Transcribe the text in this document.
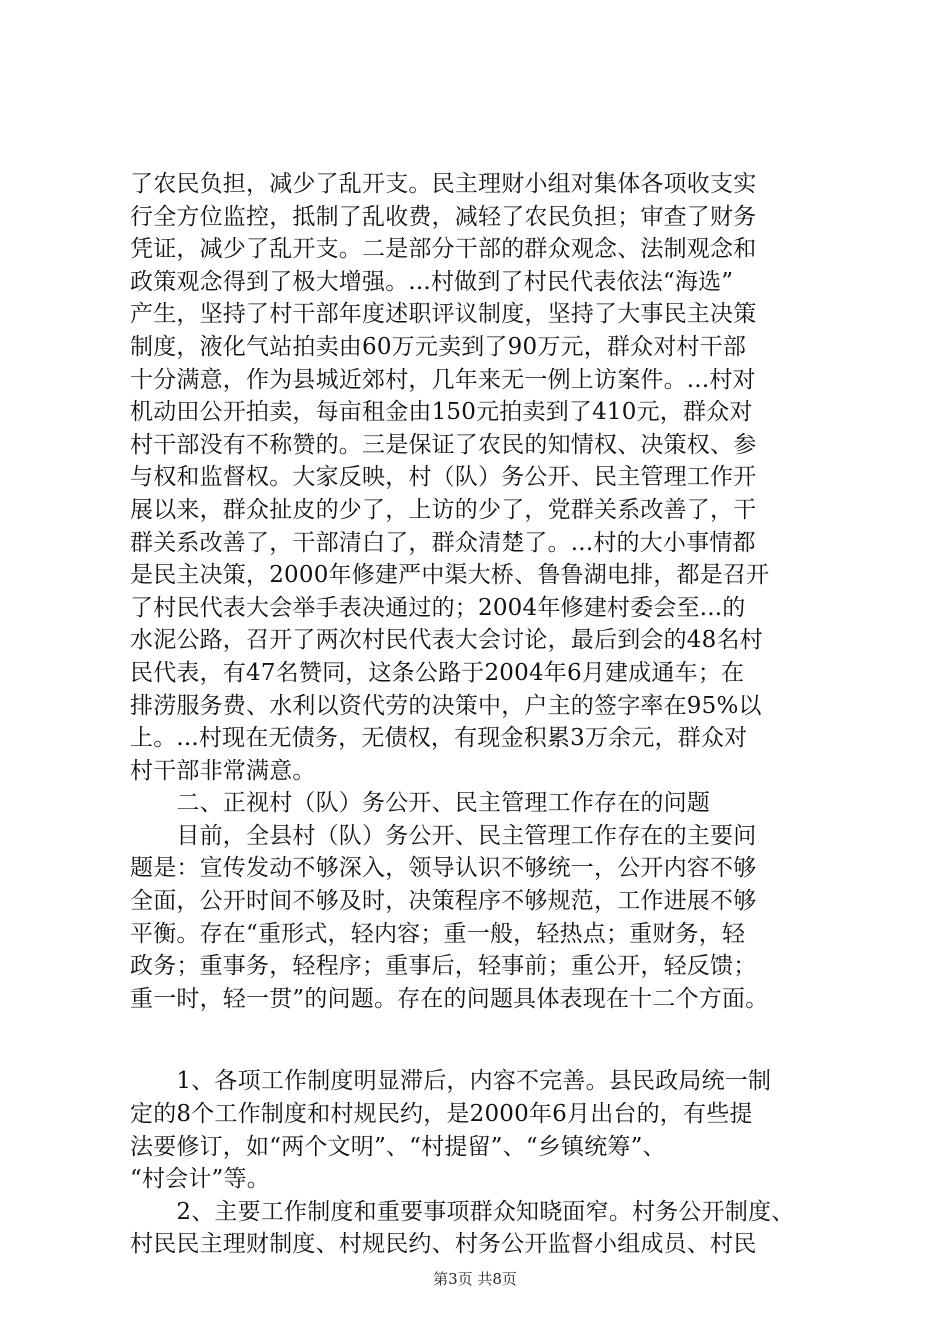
了农民负担，减少了乱开支。民主理财小组对集体各项收支实
行全方位监控，抵制了乱收费，减轻了农民负担；审查了财务
凭证，减少了乱开支。二是部分干部的群众观念、法制观念和
政策观念得到了极大增强。...村做到了村民代表依法“海选”
产生，坚持了村干部年度述职评议制度，坚持了大事民主决策
制度，液化气站拍卖由60万元卖到了90万元，群众对村干部
十分满意，作为县城近郊村，几年来无一例上访案件。...村对
机动田公开拍卖，每亩租金由150元拍卖到了410元，群众对
村干部没有不称赞的。三是保证了农民的知情权、决策权、参
与权和监督权。大家反映，村（队）务公开、民主管理工作开
展以来，群众扯皮的少了，上访的少了，党群关系改善了，干
群关系改善了，干部清白了，群众清楚了。...村的大小事情都
是民主决策，2000年修建严中渠大桥、鲁鲁湖电排，都是召开
了村民代表大会举手表决通过的；2004年修建村委会至...的
水泥公路，召开了两次村民代表大会讨论，最后到会的48名村
民代表，有47名赞同，这条公路于2004年6月建成通车；在
排涝服务费、水利以资代劳的决策中，户主的签字率在95%以
上。...村现在无债务，无债权，有现金积累3万余元，群众对
村干部非常满意。
　　二、正视村（队）务公开、民主管理工作存在的问题
　　目前，全县村（队）务公开、民主管理工作存在的主要问
题是：宣传发动不够深入，领导认识不够统一，公开内容不够
全面，公开时间不够及时，决策程序不够规范，工作进展不够
平衡。存在“重形式，轻内容；重一般，轻热点；重财务，轻
政务；重事务，轻程序；重事后，轻事前；重公开，轻反馈；
重一时，轻一贯”的问题。存在的问题具体表现在十二个方面。
　　1、各项工作制度明显滞后，内容不完善。县民政局统一制
定的8个工作制度和村规民约，是2000年6月出台的，有些提
法要修订，如“两个文明”、“村提留”、“乡镇统筹”、
“村会计”等。
　　2、主要工作制度和重要事项群众知晓面窄。村务公开制度、
村民民主理财制度、村规民约、村务公开监督小组成员、村民
第3页 共8页
